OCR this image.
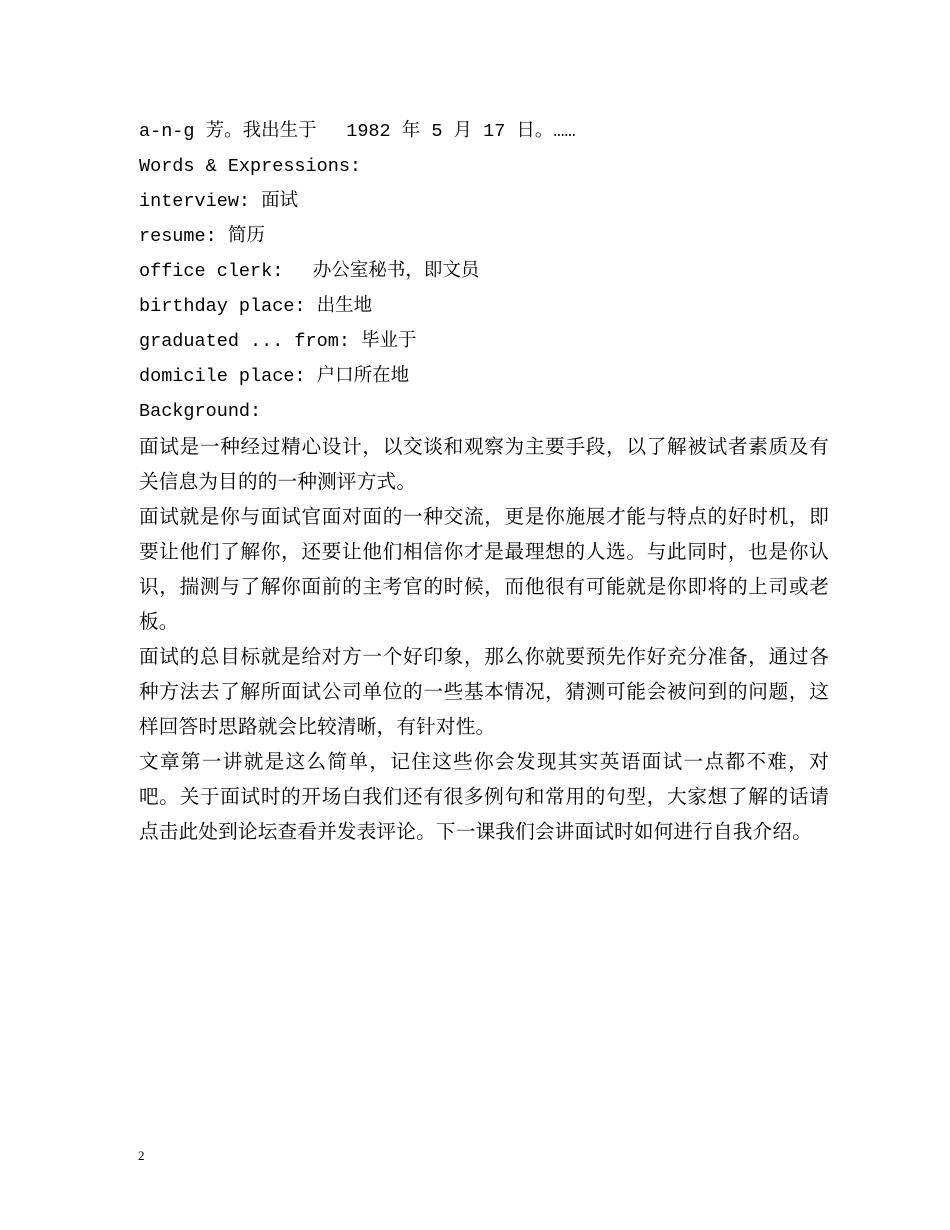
a-n-g 芳。我出生于　 1982 年 5 月 17 日。……

Words & Expressions:

interview: 面试

resume: 简历

office clerk:　 办公室秘书，即文员

birthday place: 出生地

graduated ... from: 毕业于

domicile place: 户口所在地

Background:

面试是一种经过精心设计，以交谈和观察为主要手段，以了解被试者素质及有关信息为目的的一种测评方式。

面试就是你与面试官面对面的一种交流，更是你施展才能与特点的好时机，即要让他们了解你，还要让他们相信你才是最理想的人选。与此同时，也是你认识，揣测与了解你面前的主考官的时候，而他很有可能就是你即将的上司或老板。

面试的总目标就是给对方一个好印象，那么你就要预先作好充分准备，通过各种方法去了解所面试公司单位的一些基本情况，猜测可能会被问到的问题，这样回答时思路就会比较清晰，有针对性。

文章第一讲就是这么简单，记住这些你会发现其实英语面试一点都不难，对吧。关于面试时的开场白我们还有很多例句和常用的句型，大家想了解的话请点击此处到论坛查看并发表评论。下一课我们会讲面试时如何进行自我介绍。

2
